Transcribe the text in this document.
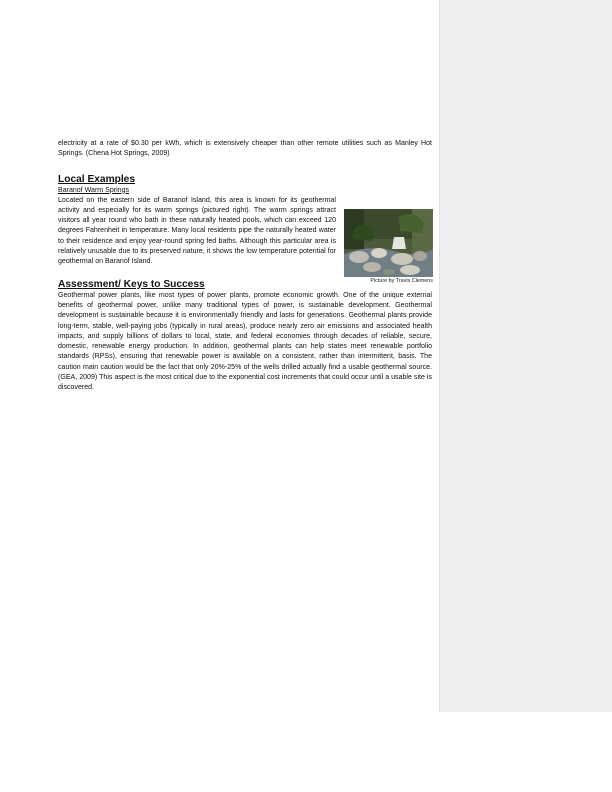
electricity at a rate of $0.30 per kWh, which is extensively cheaper than other remote utilities such as Manley Hot Springs. (Chena Hot Springs, 2009)

Local Examples
Baranof Warm Springs

Located on the eastern side of Baranof Island, this area is known for its geothermal activity and especially for its warm springs (pictured right). The warm springs attract visitors all year round who bath in these naturally heated pools, which can exceed 120 degrees Fahrenheit in temperature. Many local residents pipe the naturally heated water to their residence and enjoy year-round spring fed baths. Although this particular area is relatively unusable due to its preserved nature, it shows the low temperature potential for geothermal on Baranof Island.

Picture by Travis Clemens
Assessment/ Keys to Success

Geothermal power plants, like most types of power plants, promote economic growth. One of the unique external benefits of geothermal power, unlike many traditional types of power, is sustainable development. Geothermal development is sustainable because it is environmentally friendly and lasts for generations. Geothermal plants provide long-term, stable, well-paying jobs (typically in rural areas), produce nearly zero air emissions and associated health impacts, and supply billions of dollars to local, state, and federal economies through decades of reliable, secure, domestic, renewable energy production. In addition, geothermal plants can help states meet renewable portfolio standards (RPSs), ensuring that renewable power is available on a consistent, rather than intermittent, basis. The caution main caution would be the fact that only 20%-25% of the wells drilled actually find a usable geothermal source. (GEA, 2009) This aspect is the most critical due to the exponential cost increments that could occur until a usable site is discovered.
